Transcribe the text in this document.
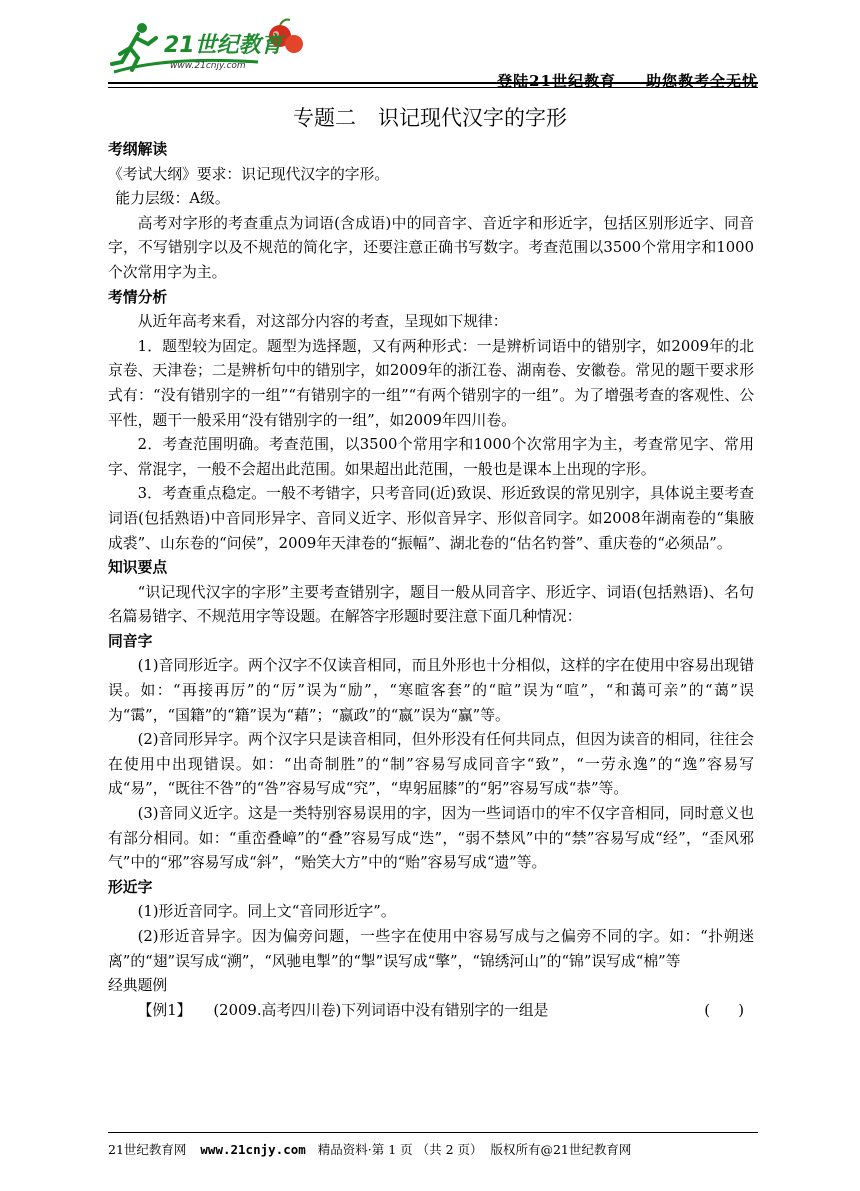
21世纪教育
www.21cnjy.com
登陆21世纪教育 助您教考全无忧
专题二 识记现代汉字的字形

考纲解读

《考试大纲》要求：识记现代汉字的字形。

能力层级：A级。

高考对字形的考查重点为词语(含成语)中的同音字、音近字和形近字，包括区别形近字、同音字，不写错别字以及不规范的简化字，还要注意正确书写数字。考查范围以3500个常用字和1000个次常用字为主。

考情分析

从近年高考来看，对这部分内容的考查，呈现如下规律：

1．题型较为固定。题型为选择题，又有两种形式：一是辨析词语中的错别字，如2009年的北京卷、天津卷；二是辨析句中的错别字，如2009年的浙江卷、湖南卷、安徽卷。常见的题干要求形式有：“没有错别字的一组”“有错别字的一组”“有两个错别字的一组”。为了增强考查的客观性、公平性，题干一般采用“没有错别字的一组”，如2009年四川卷。

2．考查范围明确。考查范围，以3500个常用字和1000个次常用字为主，考查常见字、常用字、常混字，一般不会超出此范围。如果超出此范围，一般也是课本上出现的字形。

3．考查重点稳定。一般不考错字，只考音同(近)致误、形近致误的常见别字，具体说主要考查词语(包括熟语)中音同形异字、音同义近字、形似音异字、形似音同字。如2008年湖南卷的“集腋成裘”、山东卷的“问侯”，2009年天津卷的“振幅”、湖北卷的“估名钓誉”、重庆卷的“必须品”。

知识要点

“识记现代汉字的字形”主要考查错别字，题目一般从同音字、形近字、词语(包括熟语)、名句名篇易错字、不规范用字等设题。在解答字形题时要注意下面几种情况：

同音字

(1)音同形近字。两个汉字不仅读音相同，而且外形也十分相似，这样的字在使用中容易出现错误。如：“再接再厉”的“厉”误为“励”，“寒暄客套”的“暄”误为“喧”，“和蔼可亲”的“蔼”误为“霭”，“国籍”的“籍”误为“藉”；“嬴政”的“嬴”误为“赢”等。

(2)音同形异字。两个汉字只是读音相同，但外形没有任何共同点，但因为读音的相同，往往会在使用中出现错误。如：“出奇制胜”的“制”容易写成同音字“致”，“一劳永逸”的“逸”容易写成“易”，“既往不咎”的“咎”容易写成“究”，“卑躬屈膝”的“躬”容易写成“恭”等。

(3)音同义近字。这是一类特别容易误用的字，因为一些词语巾的牢不仅字音相同，同时意义也有部分相同。如：“重峦叠嶂”的“叠”容易写成“迭”，“弱不禁风”中的“禁”容易写成“经”，“歪风邪气”中的“邪”容易写成“斜”，“贻笑大方”中的“贻”容易写成“遗”等。

形近字

(1)形近音同字。同上文“音同形近字”。

(2)形近音异字。因为偏旁问题，一些字在使用中容易写成与之偏旁不同的字。如：“扑朔迷离”的“翅”误写成“溯”，“风驰电掣”的“掣”误写成“擎”，“锦绣河山”的“锦”误写成“棉”等

经典题例

【例1】 (2009.高考四川卷)下列词语中没有错别字的一组是	(      )
21世纪教育网 www.21cnjy.com 精品资料·第 1 页 （共 2 页） 版权所有@21世纪教育网
